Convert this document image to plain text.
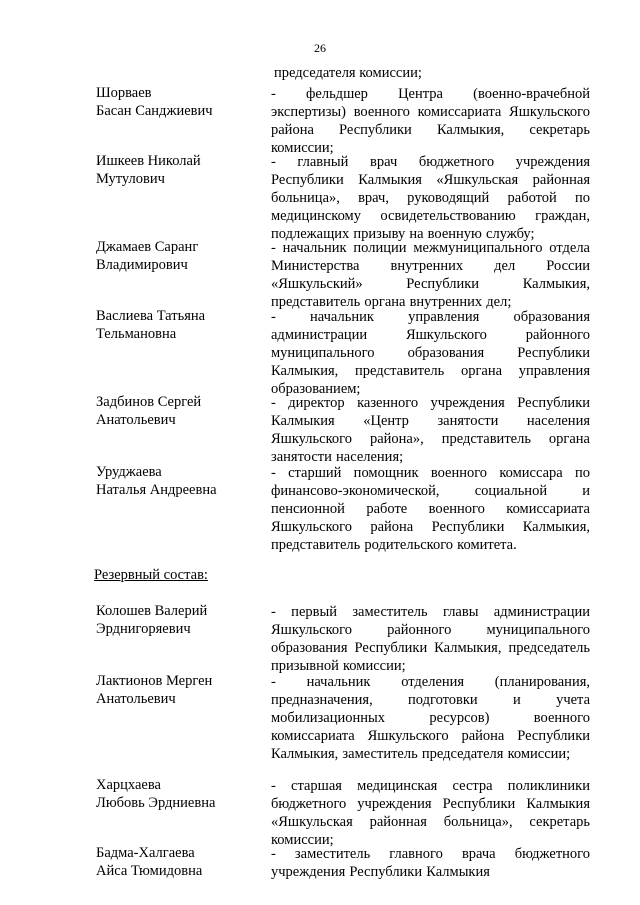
26
председателя комиссии;

Шорваев
Басан Санджиевич

- фельдшер Центра (военно-врачебной экспертизы) военного комиссариата Яшкульского района Республики Калмыкия, секретарь комиссии;

Ишкеев Николай
Мутулович

- главный врач бюджетного учреждения Республики Калмыкия «Яшкульская районная больница», врач, руководящий работой по медицинскому освидетельствованию граждан, подлежащих призыву на военную службу;

Джамаев Саранг
Владимирович

- начальник полиции межмуниципального отдела Министерства внутренних дел России «Яшкульский» Республики Калмыкия, представитель органа внутренних дел;

Васлиева Татьяна
Тельмановна

- начальник управления образования администрации Яшкульского районного муниципального образования Республики Калмыкия, представитель органа управления образованием;

Задбинов Сергей
Анатольевич

- директор казенного учреждения Республики Калмыкия «Центр занятости населения Яшкульского района», представитель органа занятости населения;

Уруджаева
Наталья Андреевна

- старший помощник военного комиссара по финансово-экономической, социальной и пенсионной работе военного комиссариата Яшкульского района Республики Калмыкия, представитель родительского комитета.

Резервный состав:

Колошев Валерий
Эрднигоряевич

- первый заместитель главы администрации Яшкульского районного муниципального образования Республики Калмыкия, председатель призывной комиссии;

Лактионов Мерген
Анатольевич

- начальник отделения (планирования, предназначения, подготовки и учета мобилизационных ресурсов) военного комиссариата Яшкульского района Республики Калмыкия, заместитель председателя комиссии;

Харцхаева
Любовь Эрдниевна

- старшая медицинская сестра поликлиники бюджетного учреждения Республики Калмыкия «Яшкульская районная больница», секретарь комиссии;

Бадма-Халгаева
Айса Тюмидовна

- заместитель главного врача бюджетного учреждения Республики Калмыкия
